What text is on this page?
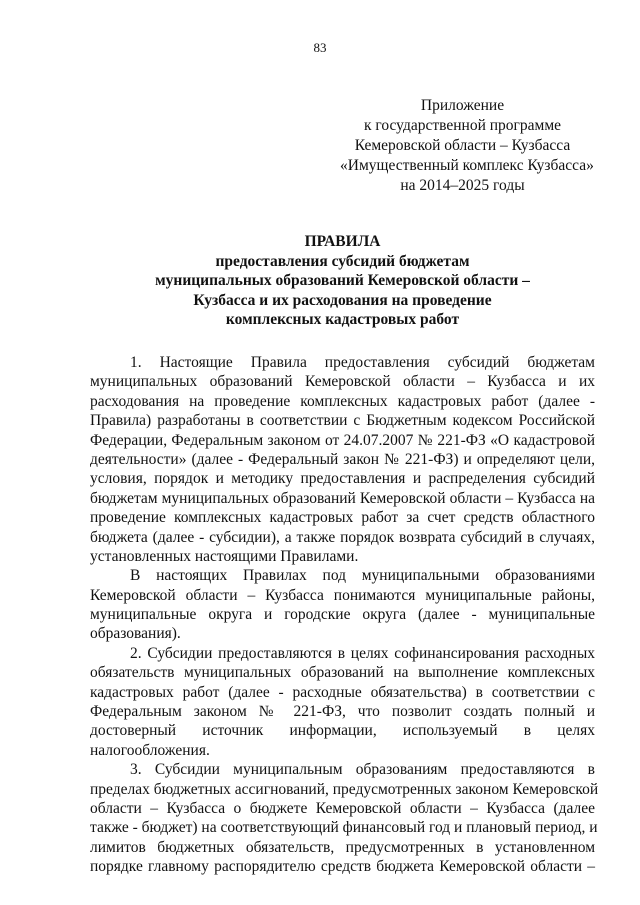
83
Приложение
к государственной программе
Кемеровской области – Кузбасса
«Имущественный комплекс Кузбасса»
на 2014–2025 годы
ПРАВИЛА
предоставления субсидий бюджетам
муниципальных образований Кемеровской области –
Кузбасса и их расходования на проведение
комплексных кадастровых работ
1. Настоящие Правила предоставления субсидий бюджетам
муниципальных образований Кемеровской области – Кузбасса и их
расходования на проведение комплексных кадастровых работ (далее -
Правила) разработаны в соответствии с Бюджетным кодексом Российской
Федерации, Федеральным законом от 24.07.2007 № 221-ФЗ «О кадастровой
деятельности» (далее - Федеральный закон № 221-ФЗ) и определяют цели,
условия, порядок и методику предоставления и распределения субсидий
бюджетам муниципальных образований Кемеровской области – Кузбасса на
проведение комплексных кадастровых работ за счет средств областного
бюджета (далее - субсидии), а также порядок возврата субсидий в случаях,
установленных настоящими Правилами.
В настоящих Правилах под муниципальными образованиями
Кемеровской области – Кузбасса понимаются муниципальные районы,
муниципальные округа и городские округа (далее - муниципальные
образования).
2. Субсидии предоставляются в целях софинансирования расходных
обязательств муниципальных образований на выполнение комплексных
кадастровых работ (далее - расходные обязательства) в соответствии с
Федеральным законом № 221-ФЗ, что позволит создать полный и
достоверный источник информации, используемый в целях
налогообложения.
3. Субсидии муниципальным образованиям предоставляются в
пределах бюджетных ассигнований, предусмотренных законом Кемеровской
области – Кузбасса о бюджете Кемеровской области – Кузбасса (далее
также - бюджет) на соответствующий финансовый год и плановый период, и
лимитов бюджетных обязательств, предусмотренных в установленном
порядке главному распорядителю средств бюджета Кемеровской области –
